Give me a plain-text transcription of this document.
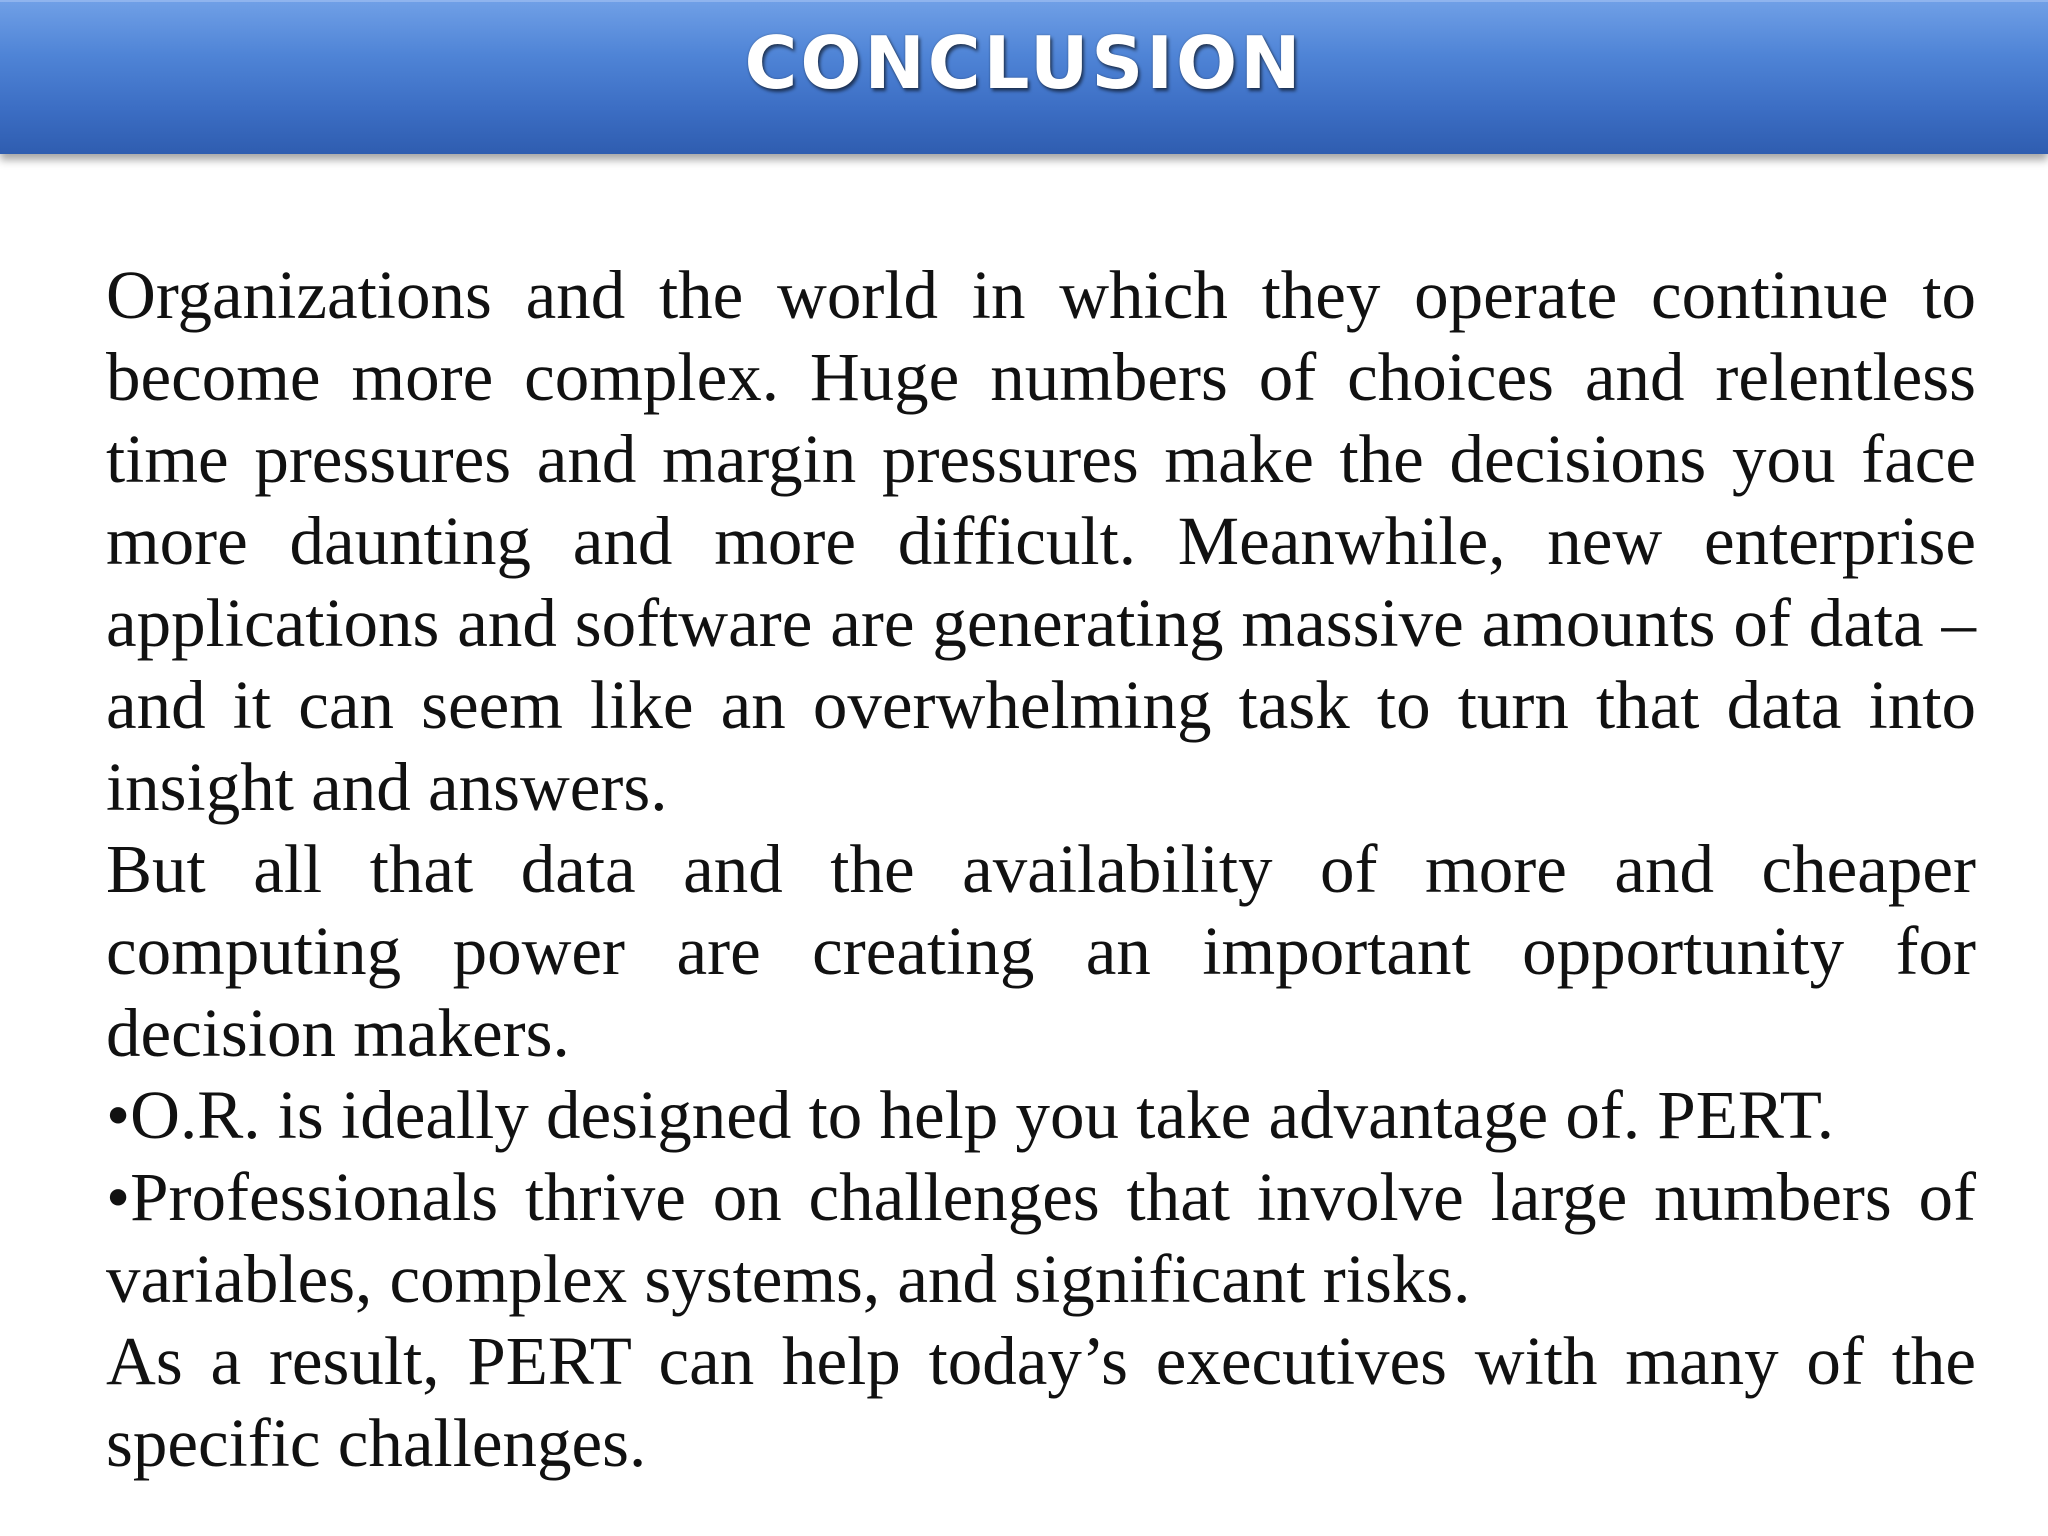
CONCLUSION

Organizations and the world in which they operate continue to become more complex. Huge numbers of choices and relentless time pressures and margin pressures make the decisions you face more daunting and more difficult. Meanwhile, new enterprise applications and software are generating massive amounts of data – and it can seem like an overwhelming task to turn that data into insight and answers.

But all that data and the availability of more and cheaper computing power are creating an important opportunity for decision makers.

•O.R. is ideally designed to help you take advantage of. PERT.

•Professionals thrive on challenges that involve large numbers of variables, complex systems, and significant risks.

As a result, PERT can help today’s executives with many of the specific challenges.
